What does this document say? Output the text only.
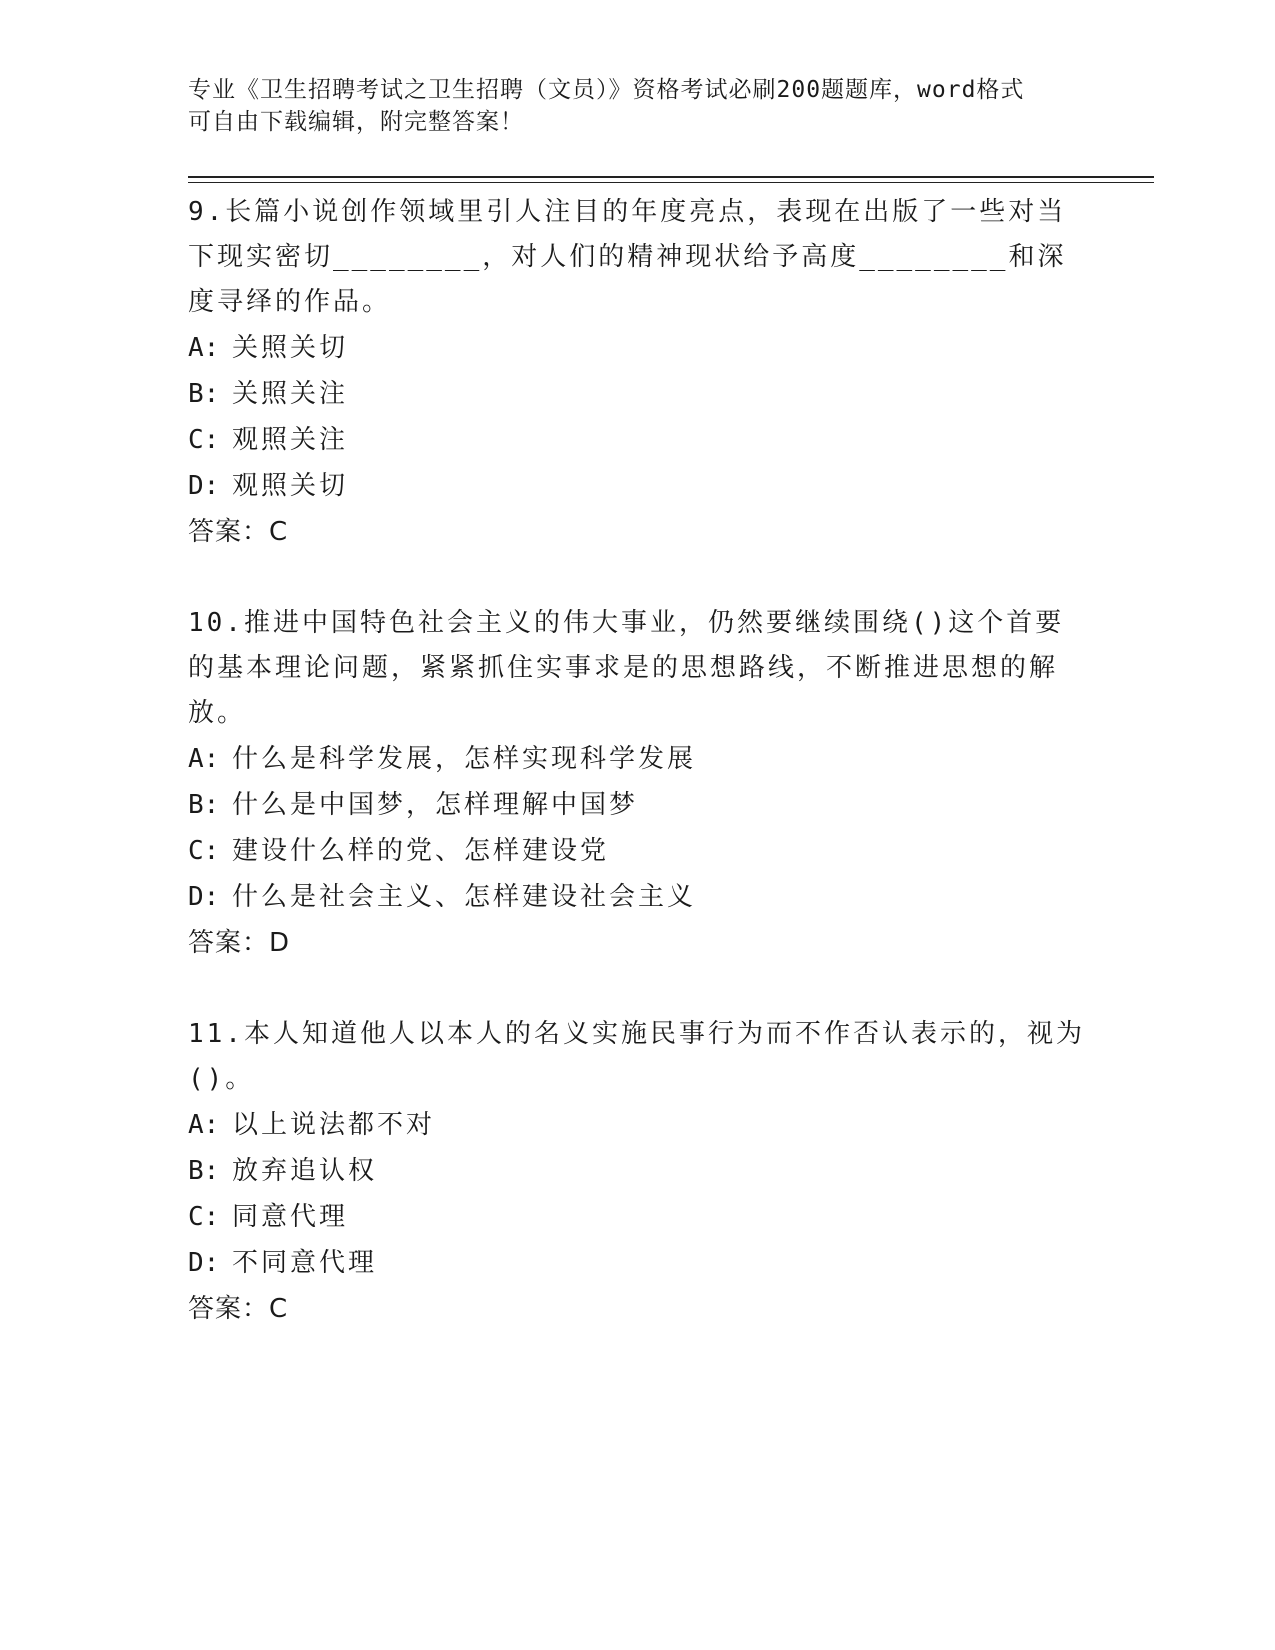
专业《卫生招聘考试之卫生招聘（文员）》资格考试必刷200题题库，word格式
可自由下载编辑，附完整答案！

9.长篇小说创作领域里引人注目的年度亮点，表现在出版了一些对当下现实密切________，对人们的精神现状给予高度________和深度寻绎的作品。

A: 关照关切
B: 关照关注
C: 观照关注
D: 观照关切
答案：C

10.推进中国特色社会主义的伟大事业，仍然要继续围绕()这个首要的基本理论问题，紧紧抓住实事求是的思想路线，不断推进思想的解放。

A: 什么是科学发展，怎样实现科学发展
B: 什么是中国梦，怎样理解中国梦
C: 建设什么样的党、怎样建设党
D: 什么是社会主义、怎样建设社会主义
答案：D

11.本人知道他人以本人的名义实施民事行为而不作否认表示的，视为()。

A: 以上说法都不对
B: 放弃追认权
C: 同意代理
D: 不同意代理
答案：C
